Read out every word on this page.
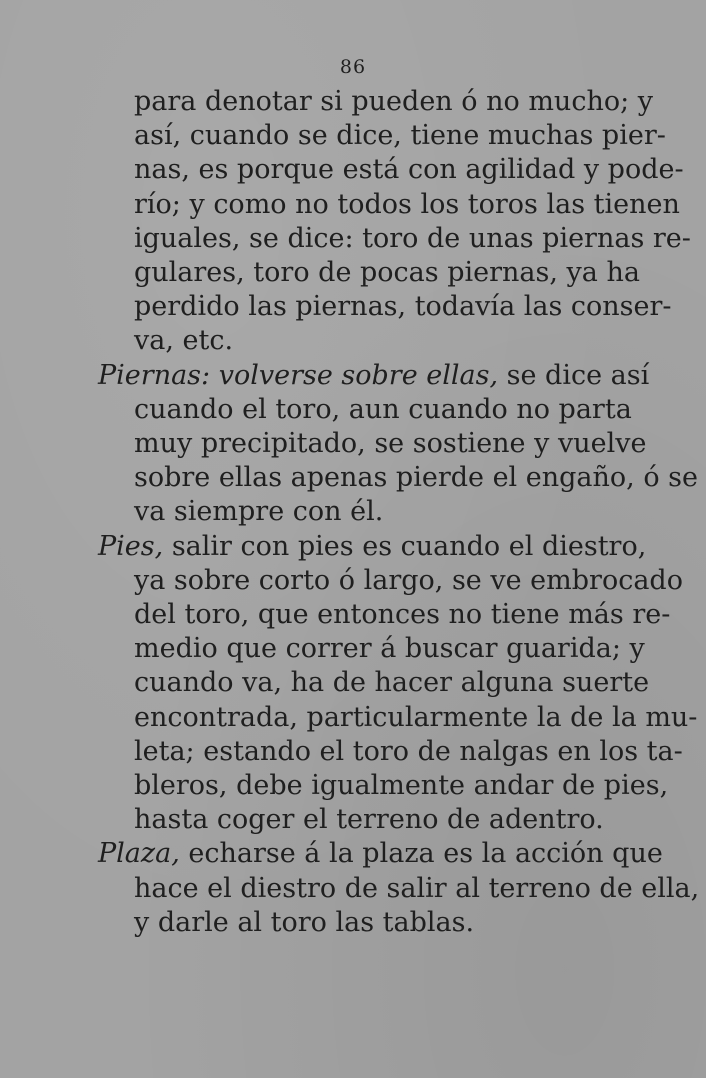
86
para denotar si pueden ó no mucho; y
así, cuando se dice, tiene muchas pier-
nas, es porque está con agilidad y pode-
río; y como no todos los toros las tienen
iguales, se dice: toro de unas piernas re-
gulares, toro de pocas piernas, ya ha
perdido las piernas, todavía las conser-
va, etc.
Piernas: volverse sobre ellas, se dice así
cuando el toro, aun cuando no parta
muy precipitado, se sostiene y vuelve
sobre ellas apenas pierde el engaño, ó se
va siempre con él.
Pies, salir con pies es cuando el diestro,
ya sobre corto ó largo, se ve embrocado
del toro, que entonces no tiene más re-
medio que correr á buscar guarida; y
cuando va, ha de hacer alguna suerte
encontrada, particularmente la de la mu-
leta; estando el toro de nalgas en los ta-
bleros, debe igualmente andar de pies,
hasta coger el terreno de adentro.
Plaza, echarse á la plaza es la acción que
hace el diestro de salir al terreno de ella,
y darle al toro las tablas.
